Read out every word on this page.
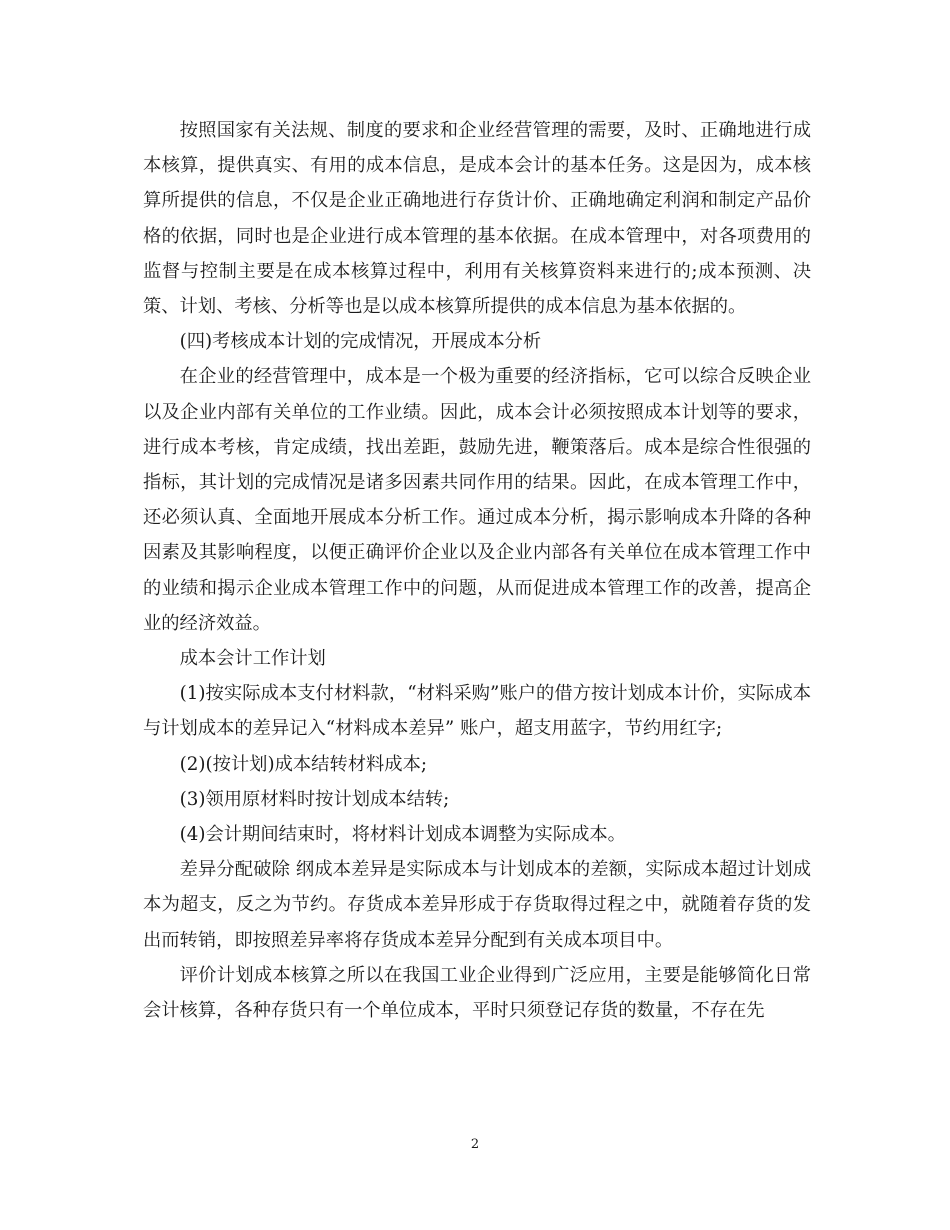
按照国家有关法规、制度的要求和企业经营管理的需要，及时、正确地进行成本核算，提供真实、有用的成本信息，是成本会计的基本任务。这是因为，成本核算所提供的信息，不仅是企业正确地进行存货计价、正确地确定利润和制定产品价格的依据，同时也是企业进行成本管理的基本依据。在成本管理中，对各项费用的监督与控制主要是在成本核算过程中，利用有关核算资料来进行的;成本预测、决策、计划、考核、分析等也是以成本核算所提供的成本信息为基本依据的。

(四)考核成本计划的完成情况，开展成本分析

在企业的经营管理中，成本是一个极为重要的经济指标，它可以综合反映企业以及企业内部有关单位的工作业绩。因此，成本会计必须按照成本计划等的要求，进行成本考核，肯定成绩，找出差距，鼓励先进，鞭策落后。成本是综合性很强的指标，其计划的完成情况是诸多因素共同作用的结果。因此，在成本管理工作中，还必须认真、全面地开展成本分析工作。通过成本分析，揭示影响成本升降的各种因素及其影响程度，以便正确评价企业以及企业内部各有关单位在成本管理工作中的业绩和揭示企业成本管理工作中的问题，从而促进成本管理工作的改善，提高企业的经济效益。

成本会计工作计划

(1)按实际成本支付材料款，“材料采购”账户的借方按计划成本计价，实际成本与计划成本的差异记入“材料成本差异” 账户，超支用蓝字，节约用红字;

(2)(按计划)成本结转材料成本;

(3)领用原材料时按计划成本结转;

(4)会计期间结束时，将材料计划成本调整为实际成本。

差异分配破除 纲成本差异是实际成本与计划成本的差额，实际成本超过计划成本为超支，反之为节约。存货成本差异形成于存货取得过程之中，就随着存货的发出而转销，即按照差异率将存货成本差异分配到有关成本项目中。

评价计划成本核算之所以在我国工业企业得到广泛应用，主要是能够简化日常会计核算，各种存货只有一个单位成本，平时只须登记存货的数量，不存在先

2
